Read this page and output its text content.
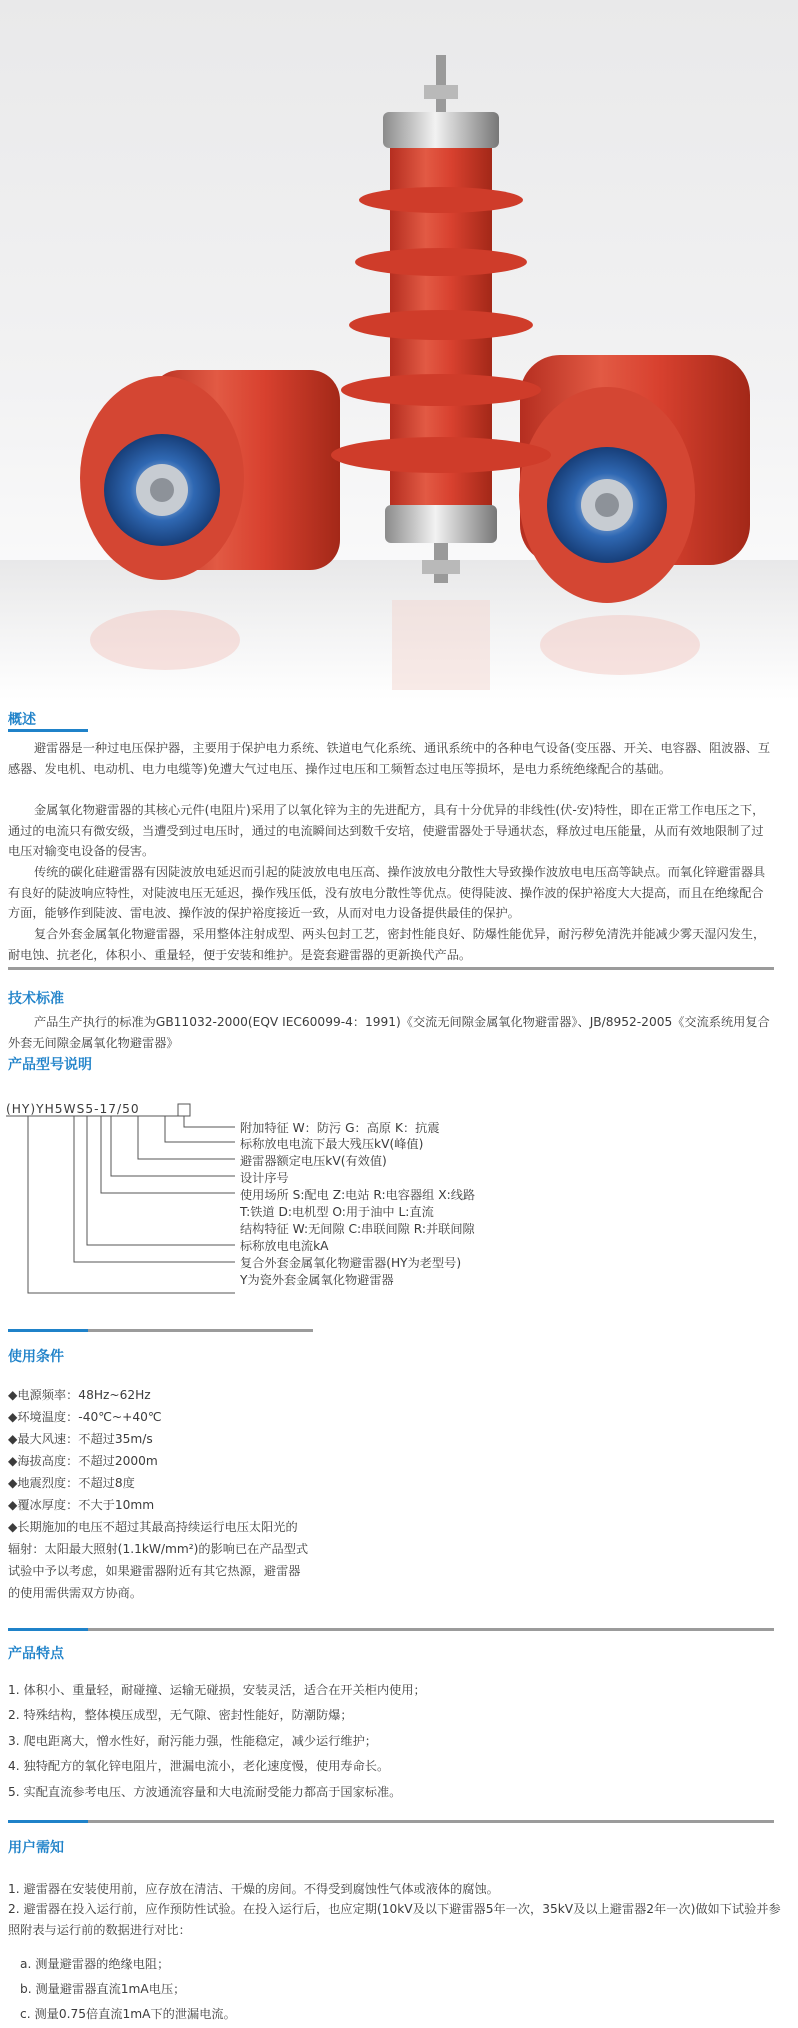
概述
避雷器是一种过电压保护器，主要用于保护电力系统、铁道电气化系统、通讯系统中的各种电气设备(变压器、开关、电容器、阻波器、互感器、发电机、电动机、电力电缆等)免遭大气过电压、操作过电压和工频暂态过电压等损坏，是电力系统绝缘配合的基础。
金属氧化物避雷器的其核心元件(电阻片)采用了以氧化锌为主的先进配方，具有十分优异的非线性(伏-安)特性，即在正常工作电压之下，通过的电流只有微安级，当遭受到过电压时，通过的电流瞬间达到数千安培，使避雷器处于导通状态，释放过电压能量，从而有效地限制了过电压对输变电设备的侵害。
传统的碳化硅避雷器有因陡波放电延迟而引起的陡波放电电压高、操作波放电分散性大导致操作波放电电压高等缺点。而氧化锌避雷器具有良好的陡波响应特性，对陡波电压无延迟，操作残压低，没有放电分散性等优点。使得陡波、操作波的保护裕度大大提高，而且在绝缘配合方面，能够作到陡波、雷电波、操作波的保护裕度接近一致，从而对电力设备提供最佳的保护。
复合外套金属氧化物避雷器，采用整体注射成型、两头包封工艺，密封性能良好、防爆性能优异，耐污秽免清洗并能减少雾天湿闪发生，耐电蚀、抗老化，体积小、重量轻，便于安装和维护。是瓷套避雷器的更新换代产品。
技术标准
产品生产执行的标准为GB11032-2000(EQV IEC60099-4：1991)《交流无间隙金属氧化物避雷器》、JB/8952-2005《交流系统用复合外套无间隙金属氧化物避雷器》
产品型号说明
(HY)YH5WS5-17/50
附加特征 W：防污 G：高原 K：抗震
标称放电电流下最大残压kV(峰值)
避雷器额定电压kV(有效值)
设计序号
使用场所 S:配电 Z:电站 R:电容器组 X:线路
T:铁道 D:电机型 O:用于油中 L:直流
结构特征 W:无间隙 C:串联间隙 R:并联间隙
标称放电电流kA
复合外套金属氧化物避雷器(HY为老型号)
Y为瓷外套金属氧化物避雷器
使用条件
◆电源频率：48Hz~62Hz
◆环境温度：-40℃~+40℃
◆最大风速：不超过35m/s
◆海拔高度：不超过2000m
◆地震烈度：不超过8度
◆覆冰厚度：不大于10mm
◆长期施加的电压不超过其最高持续运行电压太阳光的
辐射：太阳最大照射(1.1kW/mm²)的影响已在产品型式
试验中予以考虑，如果避雷器附近有其它热源，避雷器
的使用需供需双方协商。
产品特点
1. 体积小、重量轻，耐碰撞、运输无碰损，安装灵活，适合在开关柜内使用；
2. 特殊结构，整体模压成型，无气隙、密封性能好，防潮防爆；
3. 爬电距离大，憎水性好，耐污能力强，性能稳定，减少运行维护；
4. 独特配方的氧化锌电阻片，泄漏电流小，老化速度慢，使用寿命长。
5. 实配直流参考电压、方波通流容量和大电流耐受能力都高于国家标准。
用户需知
1. 避雷器在安装使用前，应存放在清洁、干燥的房间。不得受到腐蚀性气体或液体的腐蚀。
2. 避雷器在投入运行前，应作预防性试验。在投入运行后，也应定期(10kV及以下避雷器5年一次，35kV及以上避雷器2年一次)做如下试验并参照附表与运行前的数据进行对比：
a. 测量避雷器的绝缘电阻；
b. 测量避雷器直流1mA电压；
c. 测量0.75倍直流1mA下的泄漏电流。
